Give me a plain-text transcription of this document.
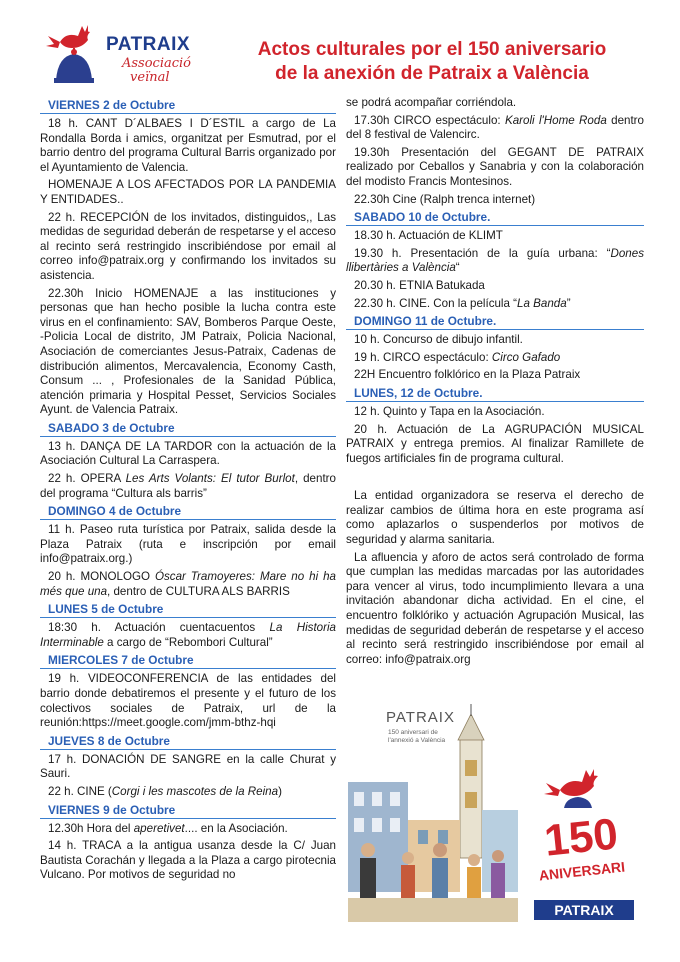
PATRAIX
Associació
veïnal
Actos culturales por el 150 aniversario
de la anexión de Patraix a València
VIERNES 2 de Octubre
18 h. CANT D´ALBAES I D´ESTIL a cargo de La Rondalla Borda i amics, organitzat per Esmutrad, por el barrio dentro del programa Cultural Barris organizado por el Ayuntamiento de Valencia.
HOMENAJE A LOS AFECTADOS POR LA PANDEMIA Y ENTIDADES..
22 h. RECEPCIÓN de los invitados, distinguidos,, Las medidas de seguridad deberán de respetarse y el acceso al recinto será restringido inscribiéndose por email al correo info@patraix.org y confirmando los invitados su asistencia.
22.30h Inicio HOMENAJE a las instituciones y personas que han hecho posible la lucha contra este virus en el confinamiento: SAV, Bomberos Parque Oeste, -Policia Local de distrito, JM Patraix, Policia Nacional, Asociación de comerciantes Jesus-Patraix, Cadenas de distribución alimentos, Mercavalencia, Economy Casth, Consum ... , Profesionales de la Sanidad Pública, atención primaria y Hospital Pesset, Servicios Sociales Ayunt. de Valencia Patraix.
SABADO 3 de Octubre
13 h. DANÇA DE LA TARDOR con la actuación de la Asociación Cultural La Carraspera.
22 h. OPERA Les Arts Volants: El tutor Burlot, dentro del programa “Cultura als barris”
DOMINGO 4 de Octubre
11 h. Paseo ruta turística por Patraix, salida desde la Plaza Patraix (ruta e inscripción por email info@patraix.org.)
20 h. MONOLOGO Óscar Tramoyeres: Mare no hi ha més que una, dentro de CULTURA ALS BARRIS
LUNES 5 de Octubre
18:30 h. Actuación cuentacuentos La Historia Interminable a cargo de “Rebombori Cultural”
MIERCOLES 7 de Octubre
19 h. VIDEOCONFERENCIA de las entidades del barrio donde debatiremos el presente y el futuro de los colectivos sociales de Patraix, url de la reunión:https://meet.google.com/jmm-bthz-hqi
JUEVES 8 de Octubre
17 h. DONACIÓN DE SANGRE en la calle Churat y Sauri.
22 h. CINE (Corgi i les mascotes de la Reina)
VIERNES 9 de Octubre
12.30h Hora del aperetivet.... en la Asociación.
14 h. TRACA a la antigua usanza desde la C/ Juan Bautista Corachán y llegada a la Plaza a cargo pirotecnia Vulcano. Por motivos de seguridad no
se podrá acompañar corriéndola.
17.30h CIRCO espectáculo: Karoli l'Home Roda dentro del 8 festival de Valencirc.
19.30h Presentación del GEGANT DE PATRAIX realizado por Ceballos y Sanabria y con la colaboración del modisto Francis Montesinos.
22.30h Cine (Ralph trenca internet)
SABADO 10 de Octubre.
18.30 h. Actuación de KLIMT
19.30 h. Presentación de la guía urbana: “Dones llibertàries a València“
20.30 h. ETNIA Batukada
22.30 h. CINE. Con la película “La Banda”
DOMINGO 11 de Octubre.
10 h. Concurso de dibujo infantil.
19 h. CIRCO espectáculo: Circo Gafado
22H Encuentro folklórico en la Plaza Patraix
LUNES, 12 de Octubre.
12 h. Quinto y Tapa en la Asociación.
20 h. Actuación de La AGRUPACIÓN MUSICAL PATRAIX y entrega premios. Al finalizar Ramillete de fuegos artificiales fin de programa cultural.
La entidad organizadora se reserva el derecho de realizar cambios de última hora en este programa así como aplazarlos o suspenderlos por motivos de seguridad y alarma sanitaria.
La afluencia y aforo de actos será controlado de forma que cumplan las medidas marcadas por las autoridades para vencer al virus, todo incumplimiento llevara a una invitación abandonar dicha actividad. En el cine, el encuentro folklóriko y actuación Agrupación Musical, las medidas de seguridad deberán de respetarse y el acceso al recinto será restringido inscribiéndose por email al correo: info@patraix.org
PATRAIX
150 aniversari de
l'annexió a València
150
ANIVERSARI
PATRAIX
